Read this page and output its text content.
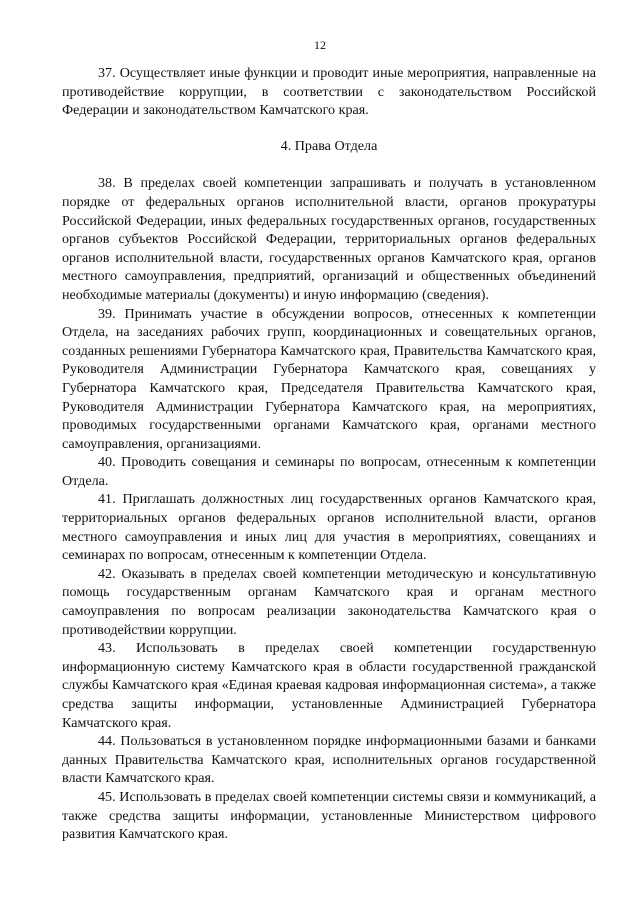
12

37. Осуществляет иные функции и проводит иные мероприятия, направленные на противодействие коррупции, в соответствии с законодательством Российской Федерации и законодательством Камчатского края.

4. Права Отдела

38. В пределах своей компетенции запрашивать и получать в установленном порядке от федеральных органов исполнительной власти, органов прокуратуры Российской Федерации, иных федеральных государственных органов, государственных органов субъектов Российской Федерации, территориальных органов федеральных органов исполнительной власти, государственных органов Камчатского края, органов местного самоуправления, предприятий, организаций и общественных объединений необходимые материалы (документы) и иную информацию (сведения).

39. Принимать участие в обсуждении вопросов, отнесенных к компетенции Отдела, на заседаниях рабочих групп, координационных и совещательных органов, созданных решениями Губернатора Камчатского края, Правительства Камчатского края, Руководителя Администрации Губернатора Камчатского края, совещаниях у Губернатора Камчатского края, Председателя Правительства Камчатского края, Руководителя Администрации Губернатора Камчатского края, на мероприятиях, проводимых государственными органами Камчатского края, органами местного самоуправления, организациями.

40. Проводить совещания и семинары по вопросам, отнесенным к компетенции Отдела.

41. Приглашать должностных лиц государственных органов Камчатского края, территориальных органов федеральных органов исполнительной власти, органов местного самоуправления и иных лиц для участия в мероприятиях, совещаниях и семинарах по вопросам, отнесенным к компетенции Отдела.

42. Оказывать в пределах своей компетенции методическую и консультативную помощь государственным органам Камчатского края и органам местного самоуправления по вопросам реализации законодательства Камчатского края о противодействии коррупции.

43. Использовать в пределах своей компетенции государственную информационную систему Камчатского края в области государственной гражданской службы Камчатского края «Единая краевая кадровая информационная система», а также средства защиты информации, установленные Администрацией Губернатора Камчатского края.

44. Пользоваться в установленном порядке информационными базами и банками данных Правительства Камчатского края, исполнительных органов государственной власти Камчатского края.

45. Использовать в пределах своей компетенции системы связи и коммуникаций, а также средства защиты информации, установленные Министерством цифрового развития Камчатского края.
